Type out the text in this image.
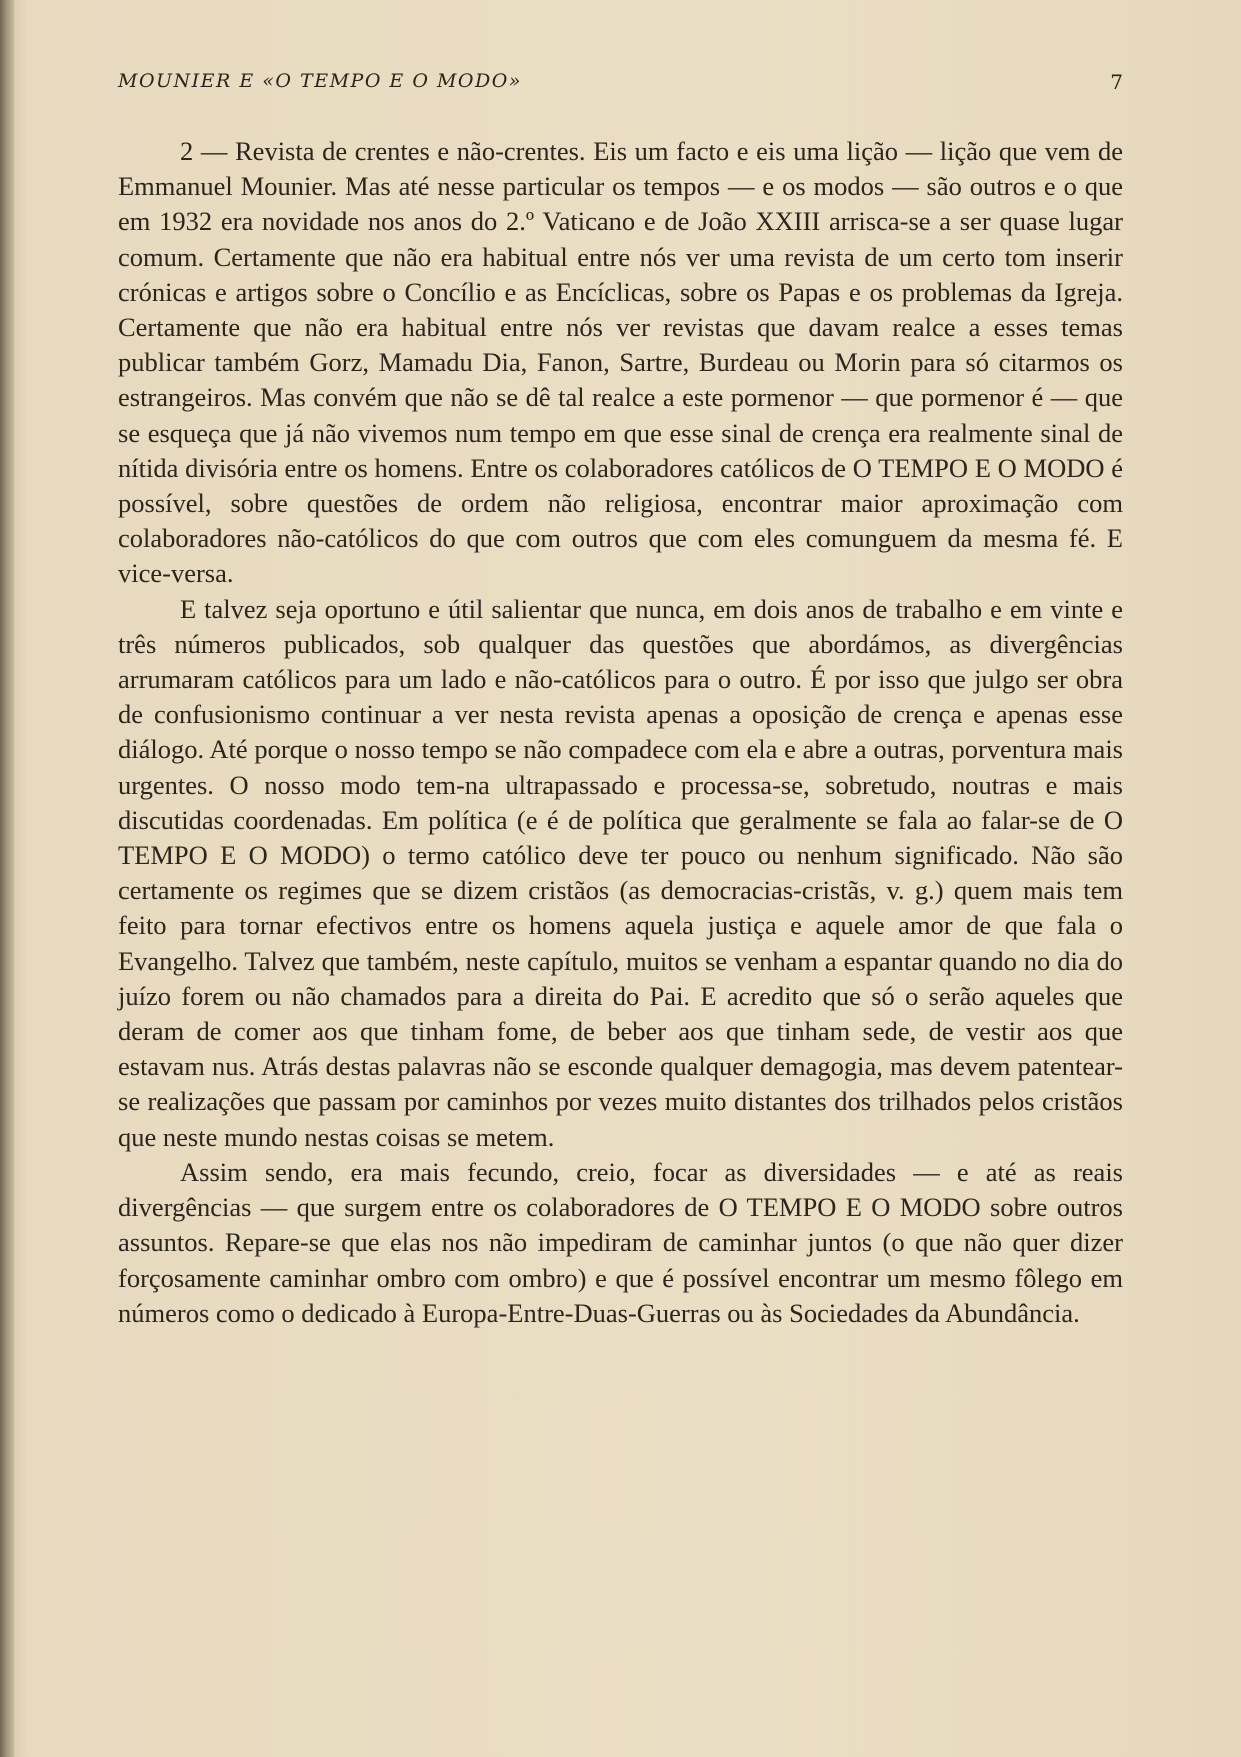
MOUNIER E «O TEMPO E O MODO»	7

2 — Revista de crentes e não-crentes. Eis um facto e eis uma lição — lição que vem de Emmanuel Mounier. Mas até nesse particular os tempos — e os modos — são outros e o que em 1932 era novidade nos anos do 2.º Vaticano e de João XXIII arrisca-se a ser quase lugar comum. Certamente que não era habitual entre nós ver uma revista de um certo tom inserir crónicas e artigos sobre o Concílio e as Encíclicas, sobre os Papas e os problemas da Igreja. Certamente que não era habitual entre nós ver revistas que davam realce a esses temas publicar também Gorz, Mamadu Dia, Fanon, Sartre, Burdeau ou Morin para só citarmos os estrangeiros. Mas convém que não se dê tal realce a este pormenor — que pormenor é — que se esqueça que já não vivemos num tempo em que esse sinal de crença era realmente sinal de nítida divisória entre os homens. Entre os colaboradores católicos de O TEMPO E O MODO é possível, sobre questões de ordem não religiosa, encontrar maior aproximação com colaboradores não-católicos do que com outros que com eles comunguem da mesma fé. E vice-versa.

E talvez seja oportuno e útil salientar que nunca, em dois anos de trabalho e em vinte e três números publicados, sob qualquer das questões que abordámos, as divergências arrumaram católicos para um lado e não-católicos para o outro. É por isso que julgo ser obra de confusionismo continuar a ver nesta revista apenas a oposição de crença e apenas esse diálogo. Até porque o nosso tempo se não compadece com ela e abre a outras, porventura mais urgentes. O nosso modo tem-na ultrapassado e processa-se, sobretudo, noutras e mais discutidas coordenadas. Em política (e é de política que geralmente se fala ao falar-se de O TEMPO E O MODO) o termo católico deve ter pouco ou nenhum significado. Não são certamente os regimes que se dizem cristãos (as democracias-cristãs, v. g.) quem mais tem feito para tornar efectivos entre os homens aquela justiça e aquele amor de que fala o Evangelho. Talvez que também, neste capítulo, muitos se venham a espantar quando no dia do juízo forem ou não chamados para a direita do Pai. E acredito que só o serão aqueles que deram de comer aos que tinham fome, de beber aos que tinham sede, de vestir aos que estavam nus. Atrás destas palavras não se esconde qualquer demagogia, mas devem patentear-se realizações que passam por caminhos por vezes muito distantes dos trilhados pelos cristãos que neste mundo nestas coisas se metem.

Assim sendo, era mais fecundo, creio, focar as diversidades — e até as reais divergências — que surgem entre os colaboradores de O TEMPO E O MODO sobre outros assuntos. Repare-se que elas nos não impediram de caminhar juntos (o que não quer dizer forçosamente caminhar ombro com ombro) e que é possível encontrar um mesmo fôlego em números como o dedicado à Europa-Entre-Duas-Guerras ou às Sociedades da Abundância.
